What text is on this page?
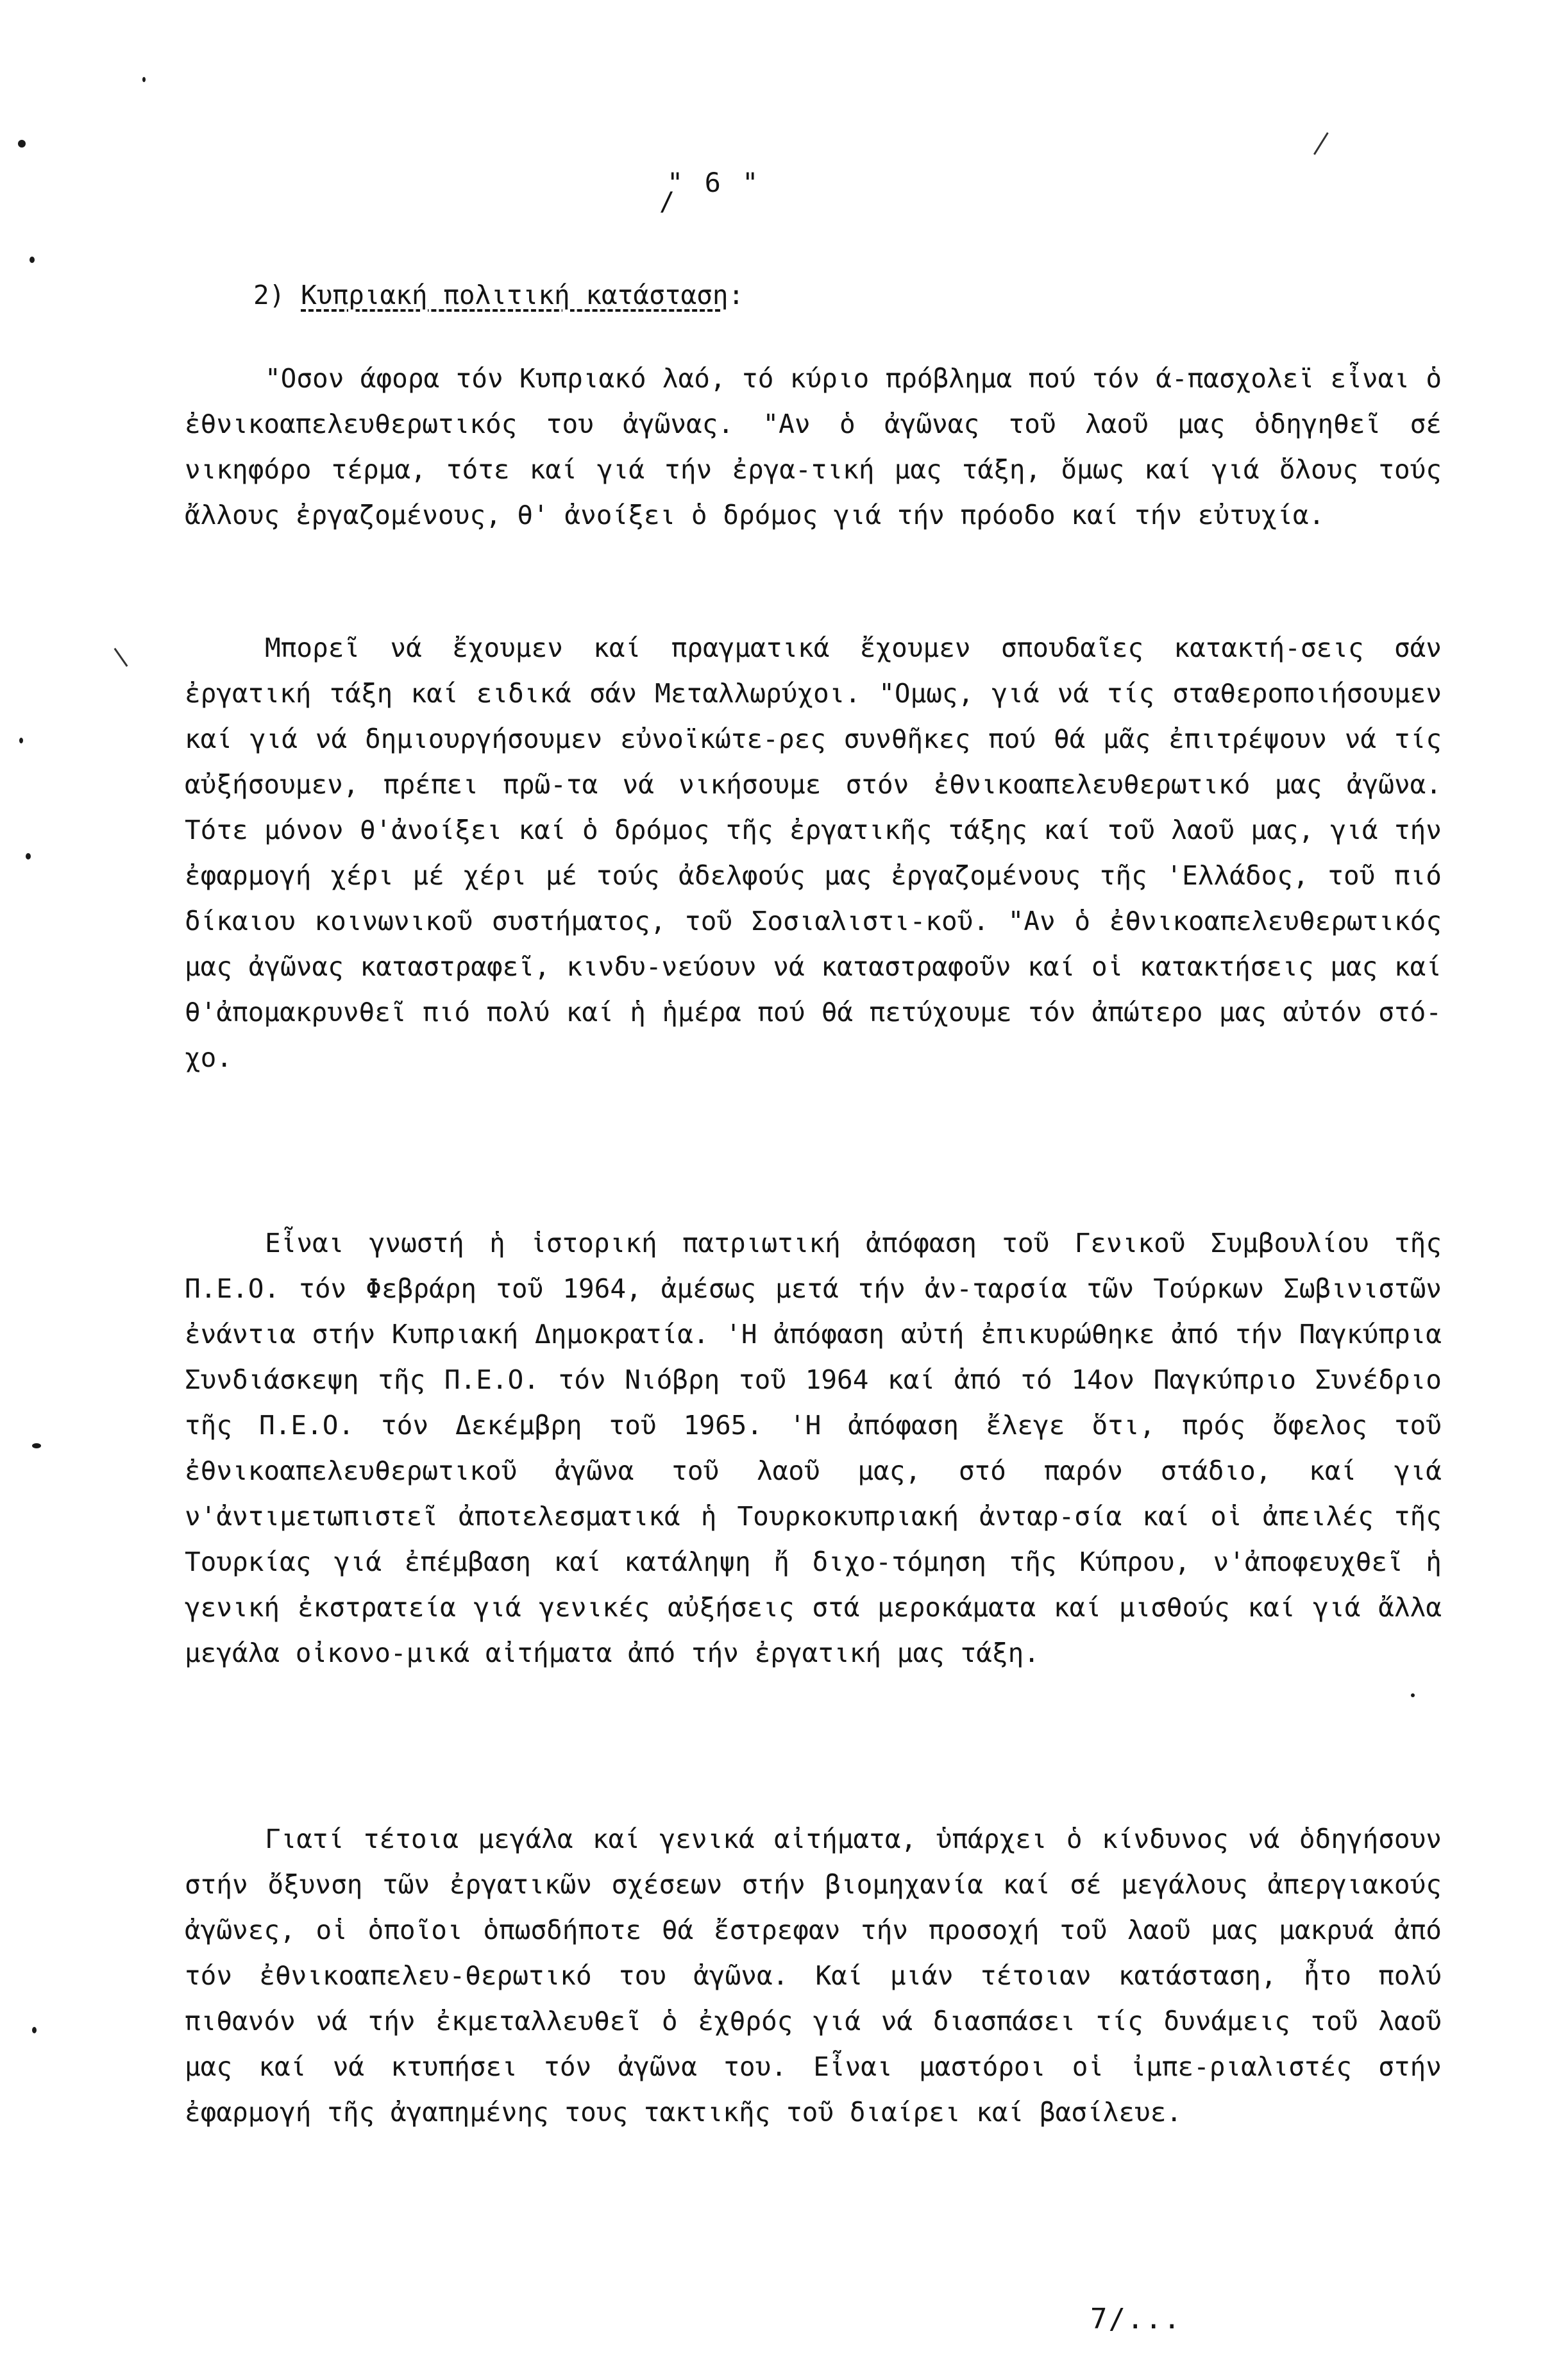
" 6 "
/
2) Κυπριακή πολιτική κατάσταση:

"Οσον άφορα τόν Κυπριακό λαό, τό κύριο πρόβλημα πού τόν ά-πασχολεϊ εἶναι ὁ ἐθνικοαπελευθερωτικός του ἀγῶνας. "Αν ὁ ἀγῶνας τοῦ λαοῦ μας ὁδηγηθεῖ σέ νικηφόρο τέρμα, τότε καί γιά τήν ἐργα-τική μας τάξη, ὅμως καί γιά ὅλους τούς ἄλλους ἐργαζομένους, θ' ἀνοίξει ὁ δρόμος γιά τήν πρόοδο καί τήν εὐτυχία.

Μπορεῖ νά ἔχουμεν καί πραγματικά ἔχουμεν σπουδαῖες κατακτή-σεις σάν ἐργατική τάξη καί ειδικά σάν Μεταλλωρύχοι. "Ομως, γιά νά τίς σταθεροποιήσουμεν καί γιά νά δημιουργήσουμεν εὐνοϊκώτε-ρες συνθῆκες πού θά μᾶς ἐπιτρέψουν νά τίς αὐξήσουμεν, πρέπει πρῶ-τα νά νικήσουμε στόν ἐθνικοαπελευθερωτικό μας ἀγῶνα. Τότε μόνον θ'ἀνοίξει καί ὁ δρόμος τῆς ἐργατικῆς τάξης καί τοῦ λαοῦ μας, γιά τήν ἐφαρμογή χέρι μέ χέρι μέ τούς ἀδελφούς μας ἐργαζομένους τῆς 'Ελλάδος, τοῦ πιό δίκαιου κοινωνικοῦ συστήματος, τοῦ Σοσιαλιστι-κοῦ. "Αν ὁ ἐθνικοαπελευθερωτικός μας ἀγῶνας καταστραφεῖ, κινδυ-νεύουν νά καταστραφοῦν καί οἱ κατακτήσεις μας καί θ'ἀπομακρυνθεῖ πιό πολύ καί ἡ ἡμέρα πού θά πετύχουμε τόν ἀπώτερο μας αὐτόν στό-χο.

Εἶναι γνωστή ἡ ἱστορική πατριωτική ἀπόφαση τοῦ Γενικοῦ Συμβουλίου τῆς Π.Ε.Ο. τόν Φεβράρη τοῦ 1964, ἀμέσως μετά τήν ἀν-ταρσία τῶν Τούρκων Σωβινιστῶν ἐνάντια στήν Κυπριακή Δημοκρατία. 'Η ἀπόφαση αὐτή ἐπικυρώθηκε ἀπό τήν Παγκύπρια Συνδιάσκεψη τῆς Π.Ε.Ο. τόν Νιόβρη τοῦ 1964 καί ἀπό τό 14ον Παγκύπριο Συνέδριο τῆς Π.Ε.Ο. τόν Δεκέμβρη τοῦ 1965. 'Η ἀπόφαση ἔλεγε ὅτι, πρός ὄφελος τοῦ ἐθνικοαπελευθερωτικοῦ ἀγῶνα τοῦ λαοῦ μας, στό παρόν στάδιο, καί γιά ν'ἀντιμετωπιστεῖ ἀποτελεσματικά ἡ Τουρκοκυπριακή ἀνταρ-σία καί οἱ ἀπειλές τῆς Τουρκίας γιά ἐπέμβαση καί κατάληψη ἤ διχο-τόμηση τῆς Κύπρου, ν'ἀποφευχθεῖ ἡ γενική ἐκστρατεία γιά γενικές αὐξήσεις στά μεροκάματα καί μισθούς καί γιά ἄλλα μεγάλα οἰκονο-μικά αἰτήματα ἀπό τήν ἐργατική μας τάξη.

Γιατί τέτοια μεγάλα καί γενικά αἰτήματα, ὑπάρχει ὁ κίνδυνος νά ὁδηγήσουν στήν ὄξυνση τῶν ἐργατικῶν σχέσεων στήν βιομηχανία καί σέ μεγάλους ἀπεργιακούς ἀγῶνες, οἱ ὁποῖοι ὁπωσδήποτε θά ἔστρεφαν τήν προσοχή τοῦ λαοῦ μας μακρυά ἀπό τόν ἐθνικοαπελευ-θερωτικό του ἀγῶνα. Καί μιάν τέτοιαν κατάσταση, ἦτο πολύ πιθανόν νά τήν ἐκμεταλλευθεῖ ὁ ἐχθρός γιά νά διασπάσει τίς δυνάμεις τοῦ λαοῦ μας καί νά κτυπήσει τόν ἀγῶνα του. Εἶναι μαστόροι οἱ ἰμπε-ριαλιστές στήν ἐφαρμογή τῆς ἀγαπημένης τους τακτικῆς τοῦ διαίρει καί βασίλευε.

7/...
